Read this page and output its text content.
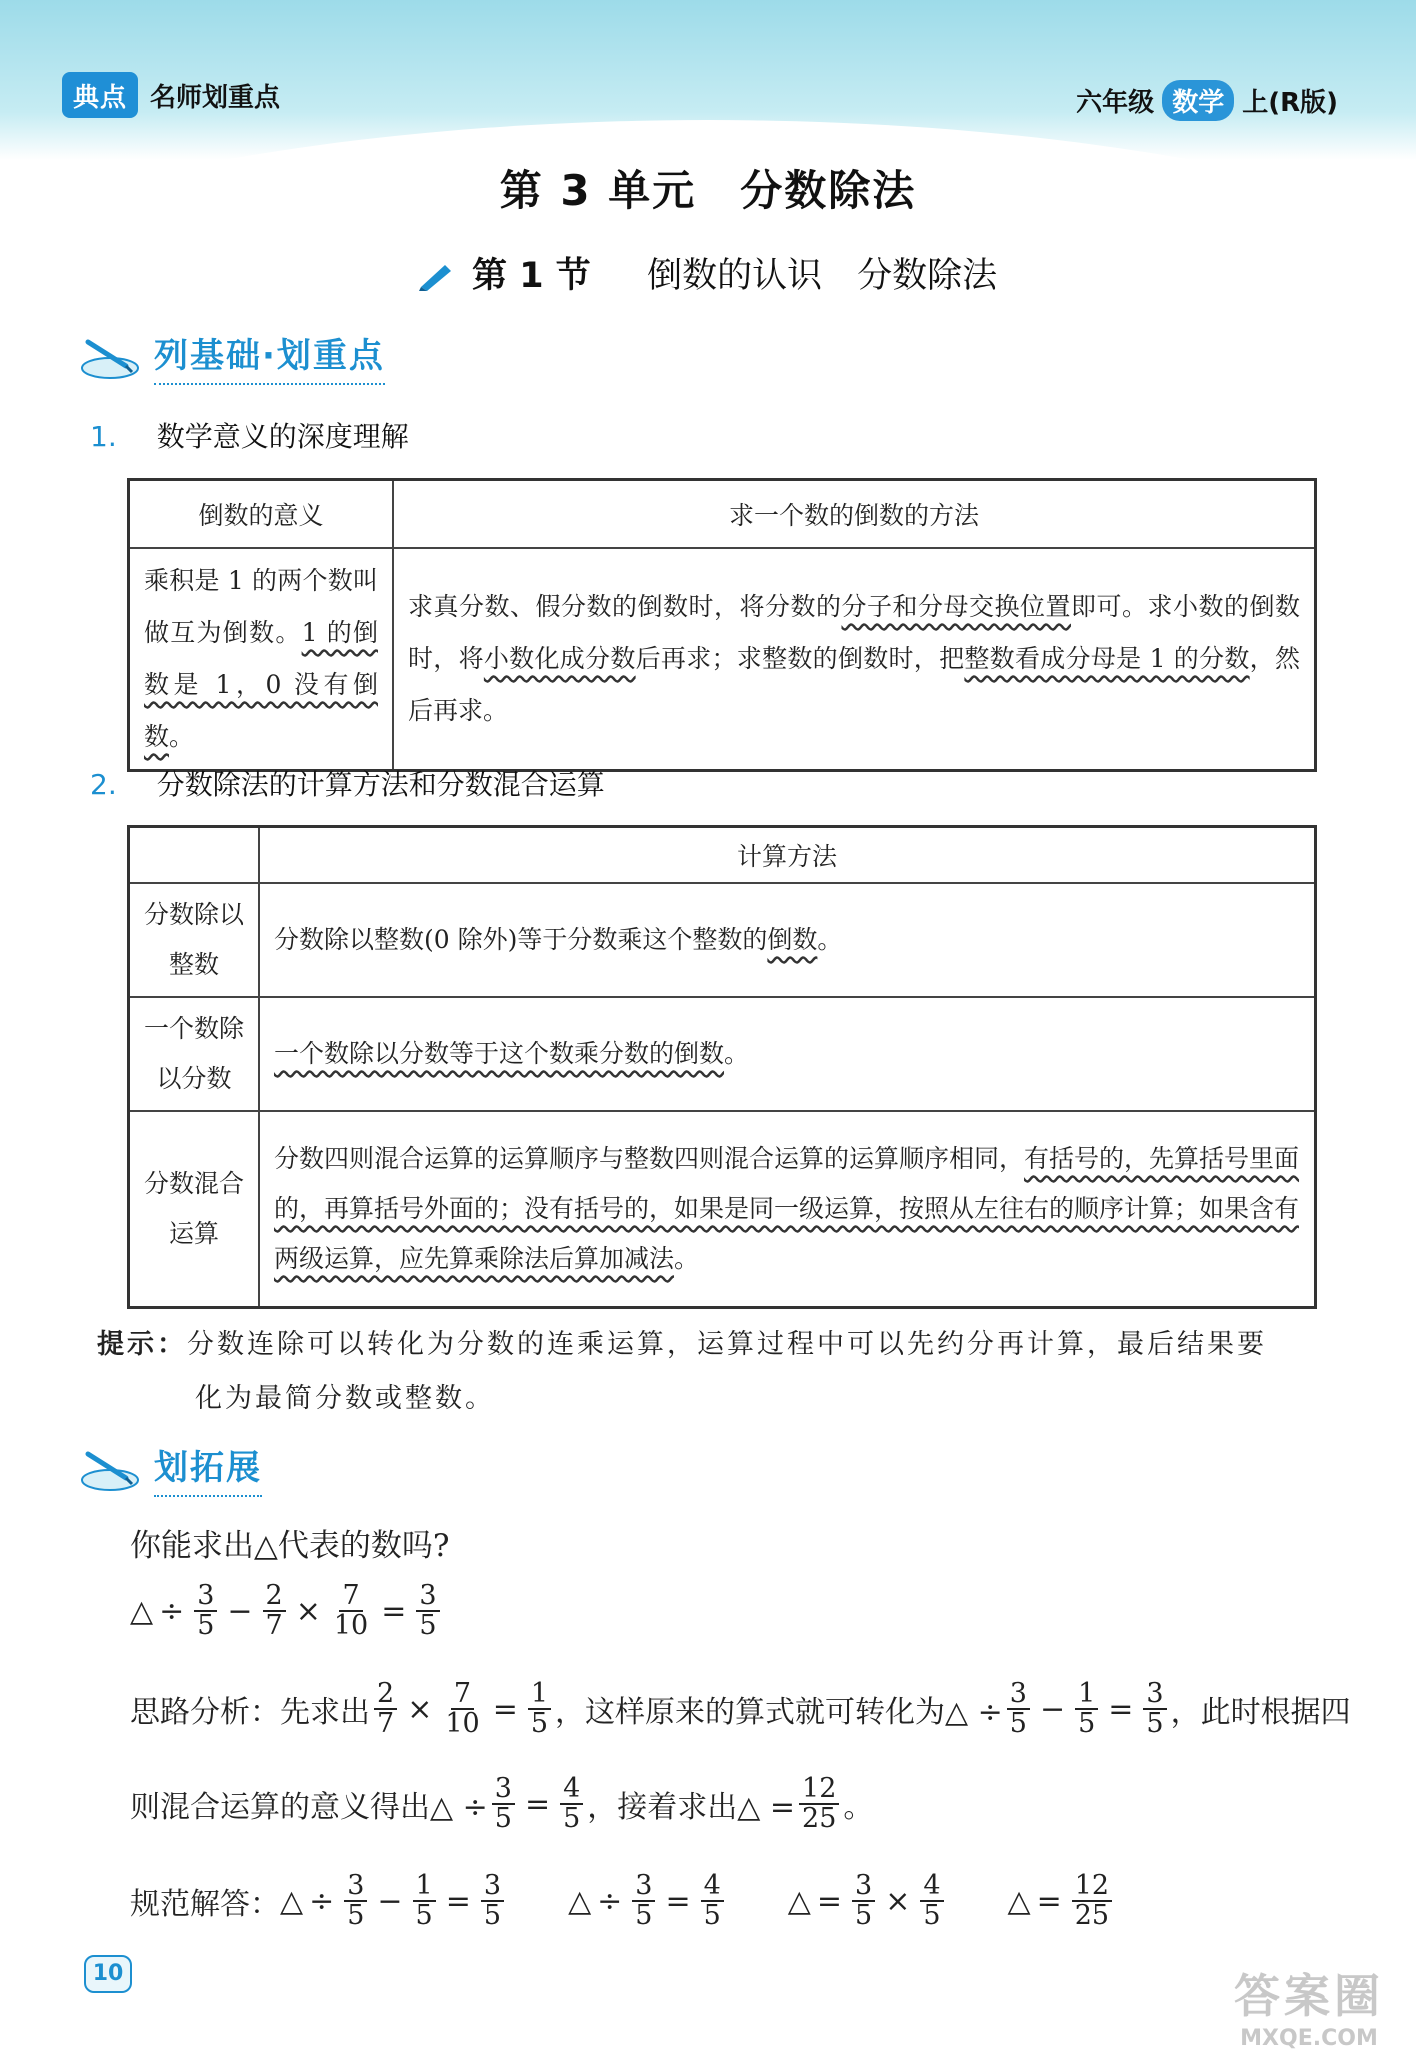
典点 名师划重点	六年级 数学 上(R版)
第 3 单元　分数除法
第 1 节 倒数的认识　分数除法
列基础·划重点
1. 数学意义的深度理解
倒数的意义	求一个数的倒数的方法
乘积是 1 的两个数叫做互为倒数。1 的倒数是 1，0 没有倒数。	求真分数、假分数的倒数时，将分数的分子和分母交换位置即可。求小数的倒数时，将小数化成分数后再求；求整数的倒数时，把整数看成分母是 1 的分数，然后再求。
2. 分数除法的计算方法和分数混合运算
	计算方法
分数除以整数	分数除以整数(0 除外)等于分数乘这个整数的倒数。
一个数除以分数	一个数除以分数等于这个数乘分数的倒数。
分数混合运算	分数四则混合运算的运算顺序与整数四则混合运算的运算顺序相同，有括号的，先算括号里面的，再算括号外面的；没有括号的，如果是同一级运算，按照从左往右的顺序计算；如果含有两级运算，应先算乘除法后算加减法。
提示：分数连除可以转化为分数的连乘运算，运算过程中可以先约分再计算，最后结果要
化为最简分数或整数。
划拓展
你能求出△代表的数吗?
△ ÷ $\frac{3}{5} - \frac{2}{7} \times \frac{7}{10} = \frac{3}{5}$
思路分析： 先求出 $\frac{2}{7} \times \frac{7}{10} = \frac{1}{5}$ ，这样原来的算式就可转化为△ ÷ $\frac{3}{5} - \frac{1}{5} = \frac{3}{5}$ ，此时根据四
则混合运算的意义得出△ ÷ $\frac{3}{5} = \frac{4}{5}$ ，接着求出△ = $\frac{12}{25}$ 。
规范解答： △ ÷ $\frac{3}{5} - \frac{1}{5} = \frac{3}{5}$ △ ÷ $\frac{3}{5} = \frac{4}{5}$ △ = $\frac{3}{5} \times \frac{4}{5}$ △ = $\frac{12}{25}$
10	答案圈
MXQE.COM
